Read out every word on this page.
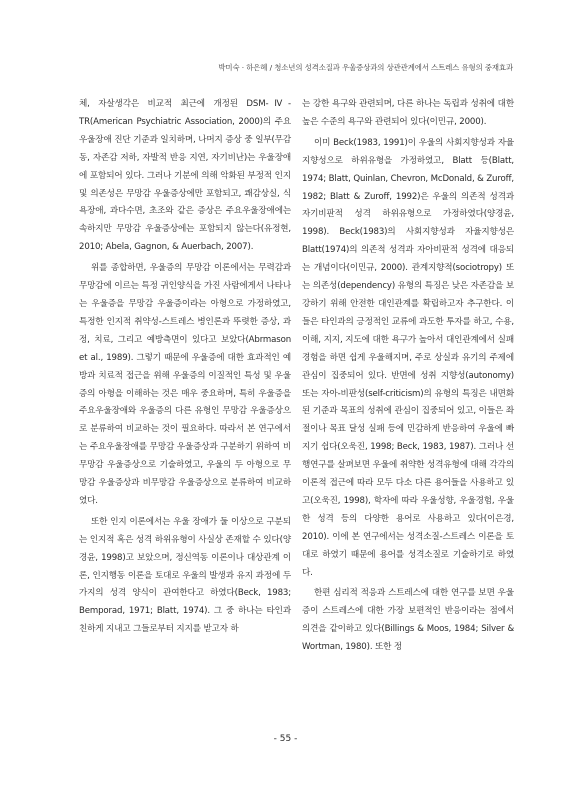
박미숙 · 하은혜 / 청소년의 성격소질과 우울증상과의 상관관계에서 스트레스 유형의 중재효과

체, 자살생각은 비교적 최근에 개정된 DSM-Ⅳ-TR(American Psychiatric Association, 2000)의 주요 우울장애 진단 기준과 일치하며, 나머지 증상 중 일부(무감동, 자존감 저하, 자발적 반응 지연, 자기비난)는 우울장애에 포함되어 있다. 그러나 기분에 의해 악화된 부정적 인지 및 의존성은 무망감 우울증상에만 포함되고, 쾌감상실, 식욕장애, 과다수면, 초조와 같은 증상은 주요우울장애에는 속하지만 무망감 우울증상에는 포함되지 않는다(유정현, 2010; Abela, Gagnon, & Auerbach, 2007).

위를 종합하면, 우울증의 무망감 이론에서는 무력감과 무망감에 이르는 특정 귀인양식을 가진 사람에게서 나타나는 우울증을 무망감 우울증이라는 아형으로 가정하였고, 특정한 인지적 취약성-스트레스 병인론과 뚜렷한 증상, 과정, 치료, 그리고 예방측면이 있다고 보았다(Abrmason et al., 1989). 그렇기 때문에 우울증에 대한 효과적인 예방과 치료적 접근을 위해 우울증의 이질적인 특성 및 우울증의 아형을 이해하는 것은 매우 중요하며, 특히 우울증을 주요우울장애와 우울증의 다른 유형인 무망감 우울증상으로 분류하여 비교하는 것이 필요하다. 따라서 본 연구에서는 주요우울장애를 무망감 우울증상과 구분하기 위하여 비무망감 우울증상으로 기술하였고, 우울의 두 아형으로 무망감 우울증상과 비무망감 우울증상으로 분류하여 비교하였다.

또한 인지 이론에서는 우울 장애가 둘 이상으로 구분되는 인지적 혹은 성격 하위유형이 사실상 존재할 수 있다(양경윤, 1998)고 보았으며, 정신역동 이론이나 대상관계 이론, 인지행동 이론을 토대로 우울의 발생과 유지 과정에 두 가지의 성격 양식이 관여한다고 하였다(Beck, 1983; Bemporad, 1971; Blatt, 1974). 그 중 하나는 타인과 친하게 지내고 그들로부터 지지를 받고자 하

는 강한 욕구와 관련되며, 다른 하나는 독립과 성취에 대한 높은 수준의 욕구와 관련되어 있다(이민규, 2000).

이미 Beck(1983, 1991)이 우울의 사회지향성과 자율지향성으로 하위유형을 가정하였고, Blatt 등(Blatt, 1974; Blatt, Quinlan, Chevron, McDonald, & Zuroff, 1982; Blatt & Zuroff, 1992)은 우울의 의존적 성격과 자기비판적 성격 하위유형으로 가정하였다(양경윤, 1998). Beck(1983)의 사회지향성과 자율지향성은 Blatt(1974)의 의존적 성격과 자아비판적 성격에 대응되는 개념이다(이민규, 2000). 관계지향적(sociotropy) 또는 의존성(dependency) 유형의 특징은 낮은 자존감을 보강하기 위해 안전한 대인관계를 확립하고자 추구한다. 이들은 타인과의 긍정적인 교류에 과도한 투자를 하고, 수용, 이해, 지지, 지도에 대한 욕구가 높아서 대인관계에서 실패 경험을 하면 쉽게 우울해지며, 주로 상실과 유기의 주제에 관심이 집중되어 있다. 반면에 성취 지향성(autonomy) 또는 자아-비판성(self-criticism)의 유형의 특징은 내면화된 기준과 목표의 성취에 관심이 집중되어 있고, 이들은 좌절이나 목표 달성 실패 등에 민감하게 반응하여 우울에 빠지기 쉽다(오욱진, 1998; Beck, 1983, 1987). 그러나 선행연구를 살펴보면 우울에 취약한 성격유형에 대해 각각의 이론적 접근에 따라 모두 다소 다른 용어들을 사용하고 있고(오욱진, 1998), 학자에 따라 우울성향, 우울경험, 우울한 성격 등의 다양한 용어로 사용하고 있다(이은경, 2010). 이에 본 연구에서는 성격소질-스트레스 이론을 토대로 하였기 때문에 용어를 성격소질로 기술하기로 하였다.

한편 심리적 적응과 스트레스에 대한 연구를 보면 우울증이 스트레스에 대한 가장 보편적인 반응이라는 점에서 의견을 같이하고 있다(Billings & Moos, 1984; Silver & Wortman, 1980). 또한 정

- 55 -
